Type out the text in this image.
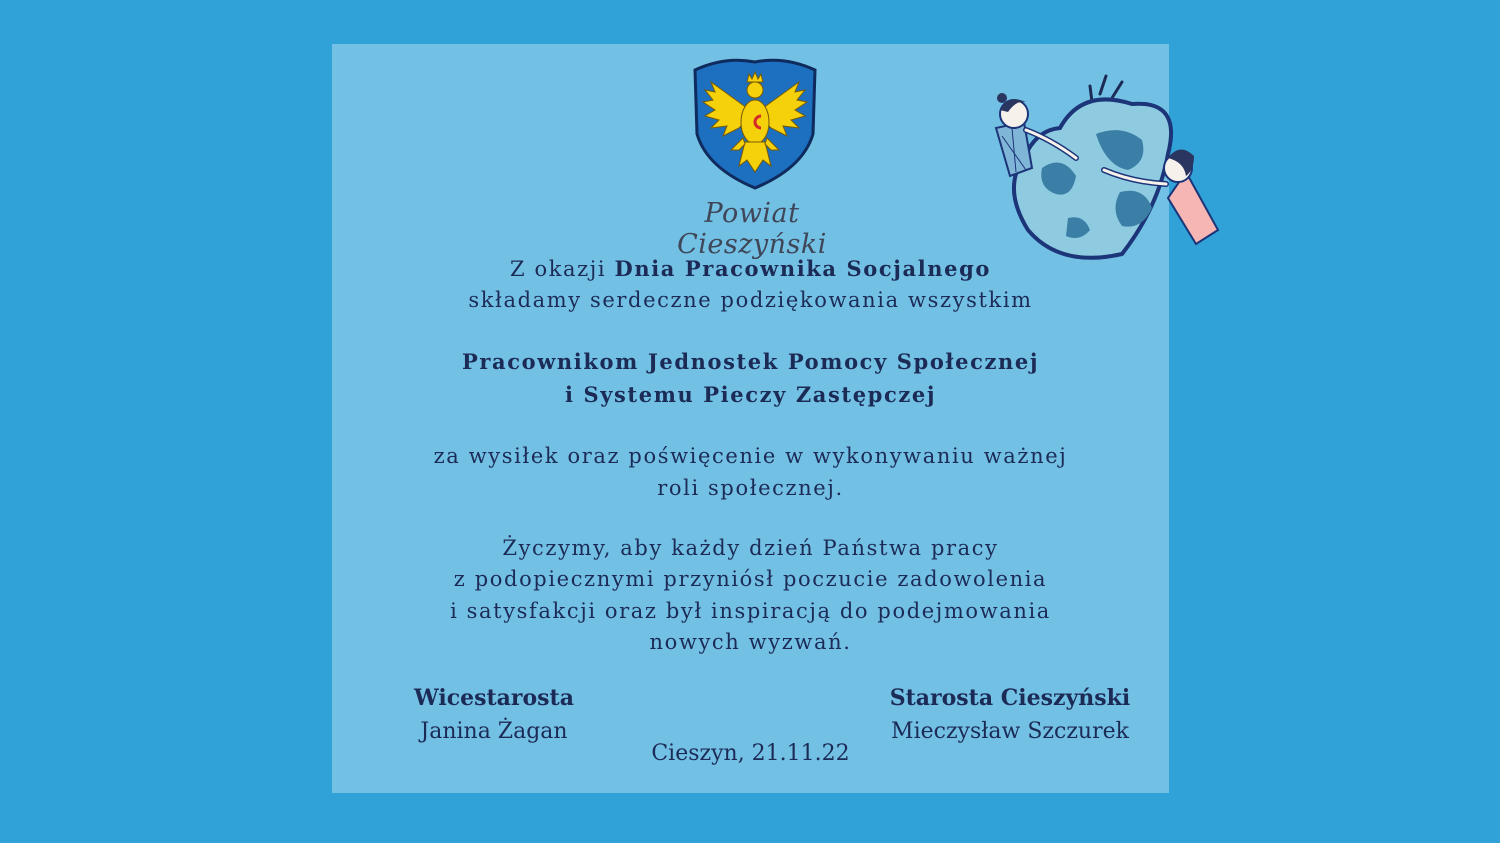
Powiat Cieszyński
Z okazji Dnia Pracownika Socjalnego
składamy serdeczne podziękowania wszystkim
Pracownikom Jednostek Pomocy Społecznej
i Systemu Pieczy Zastępczej
za wysiłek oraz poświęcenie w wykonywaniu ważnej
roli społecznej.
Życzymy, aby każdy dzień Państwa pracy
z podopiecznymi przyniósł poczucie zadowolenia
i satysfakcji oraz był inspiracją do podejmowania
nowych wyzwań.
Wicestarosta
Janina Żagan
Starosta Cieszyński
Mieczysław Szczurek
Cieszyn, 21.11.22
